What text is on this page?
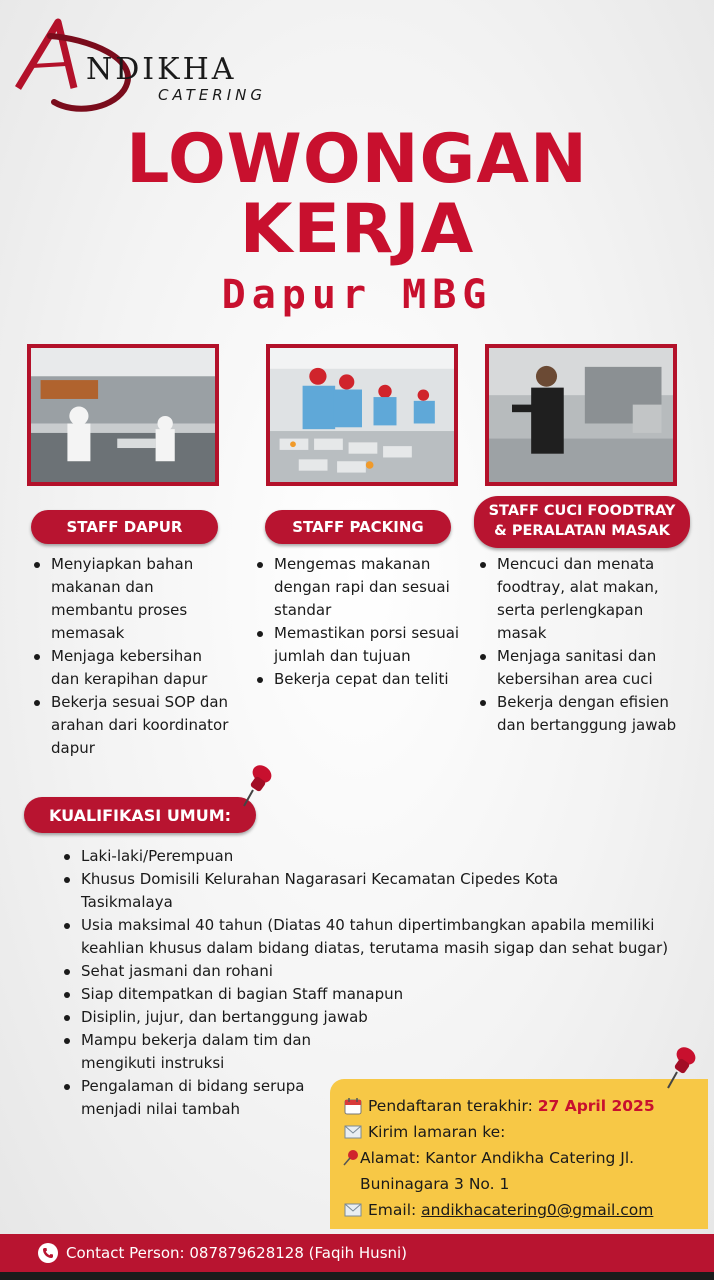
NDIKHA
CATERING
LOWONGAN
KERJA
Dapur MBG
STAFF DAPUR	STAFF PACKING
STAFF CUCI FOODTRAY
& PERALATAN MASAK
Menyiapkan bahan makanan dan membantu proses memasak
Menjaga kebersihan dan kerapihan dapur
Bekerja sesuai SOP dan arahan dari koordinator dapur
Mengemas makanan dengan rapi dan sesuai standar
Memastikan porsi sesuai jumlah dan tujuan
Bekerja cepat dan teliti
Mencuci dan menata foodtray, alat makan, serta perlengkapan masak
Menjaga sanitasi dan kebersihan area cuci
Bekerja dengan efisien dan bertanggung jawab
KUALIFIKASI UMUM:
Laki-laki/Perempuan
Khusus Domisili Kelurahan Nagarasari Kecamatan Cipedes Kota Tasikmalaya
Usia maksimal 40 tahun (Diatas 40 tahun dipertimbangkan apabila memiliki keahlian khusus dalam bidang diatas, terutama masih sigap dan sehat bugar)
Sehat jasmani dan rohani
Siap ditempatkan di bagian Staff manapun
Disiplin, jujur, dan bertanggung jawab
Mampu bekerja dalam tim dan mengikuti instruksi
Pengalaman di bidang serupa menjadi nilai tambah	Pendaftaran terakhir: 27 April 2025
Kirim lamaran ke:
Alamat: Kantor Andikha Catering Jl. Buninagara 3 No. 1
Email: andikhacatering0@gmail.com
Contact Person: 087879628128 (Faqih Husni)
